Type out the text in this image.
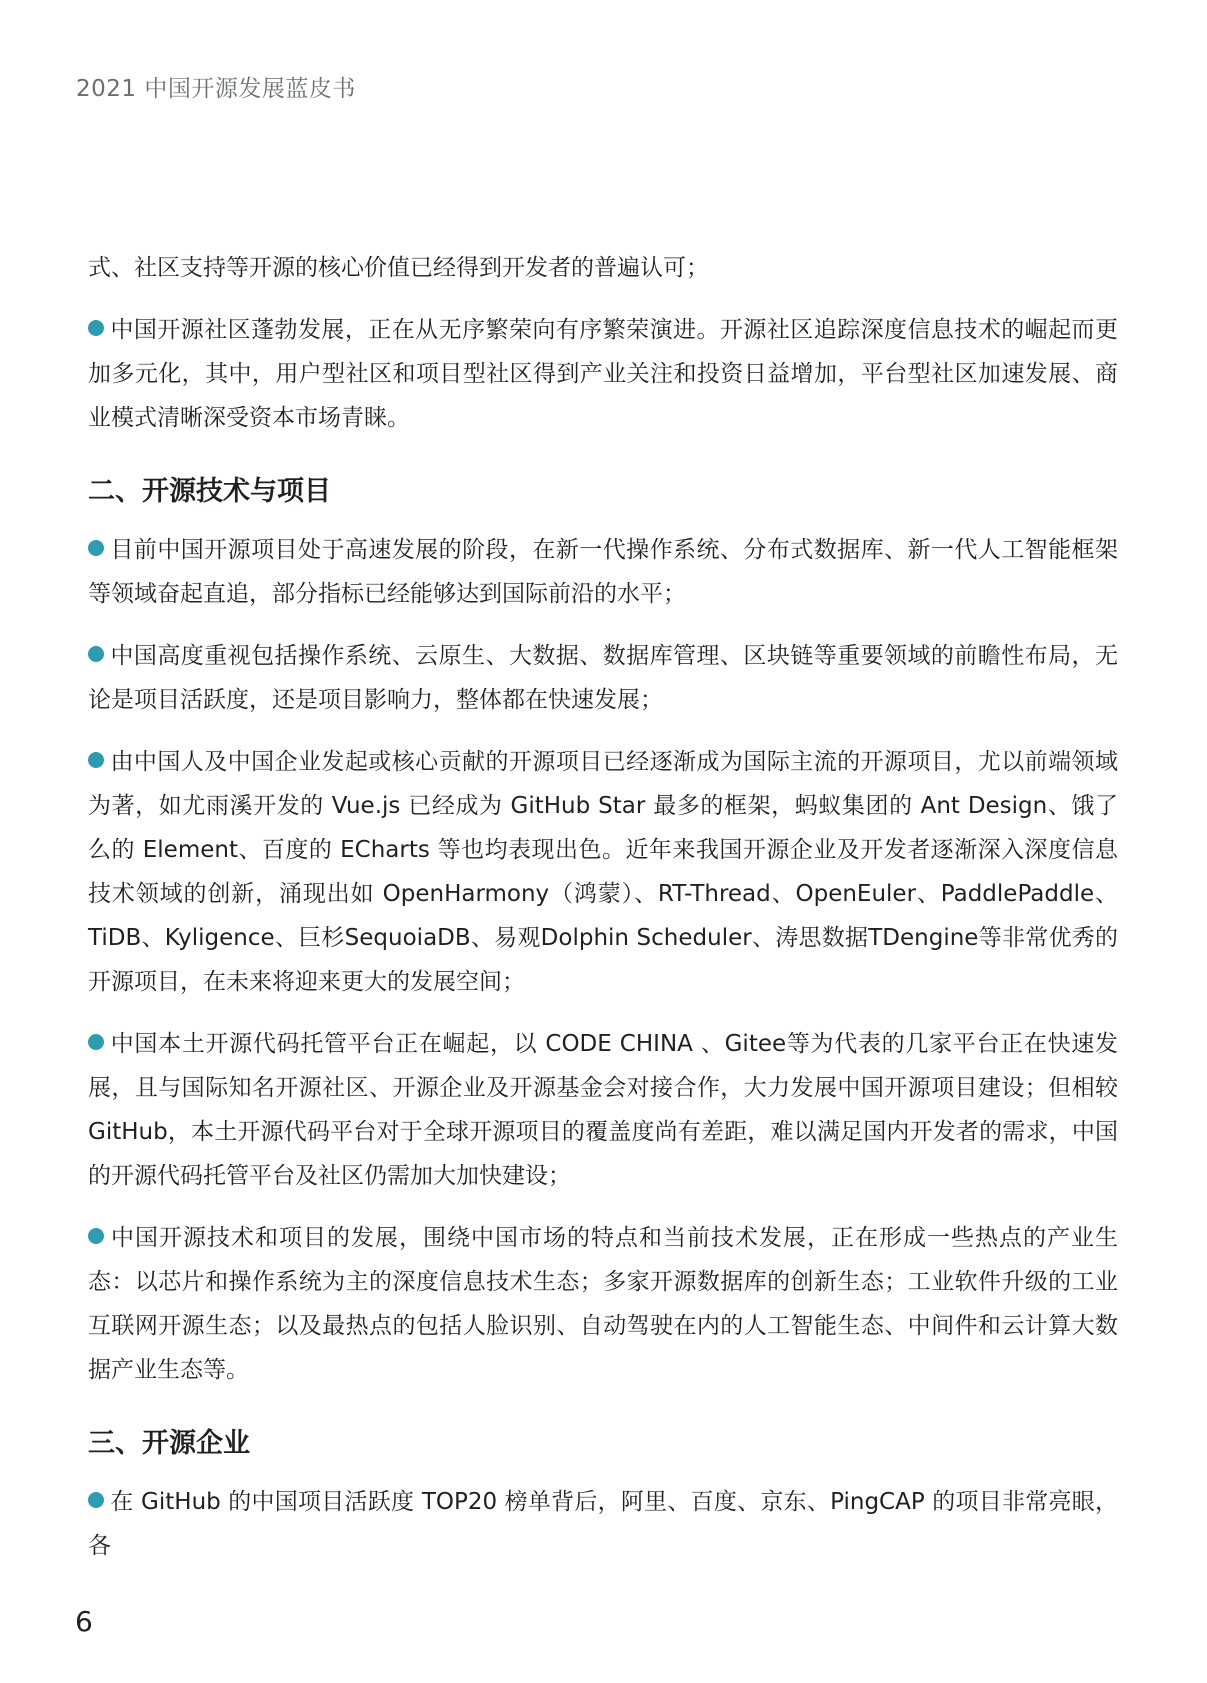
2021 中国开源发展蓝皮书

式、社区支持等开源的核心价值已经得到开发者的普遍认可；

中国开源社区蓬勃发展，正在从无序繁荣向有序繁荣演进。开源社区追踪深度信息技术的崛起而更加多元化，其中，用户型社区和项目型社区得到产业关注和投资日益增加，平台型社区加速发展、商业模式清晰深受资本市场青睐。

二、开源技术与项目

目前中国开源项目处于高速发展的阶段，在新一代操作系统、分布式数据库、新一代人工智能框架等领域奋起直追，部分指标已经能够达到国际前沿的水平；

中国高度重视包括操作系统、云原生、大数据、数据库管理、区块链等重要领域的前瞻性布局，无论是项目活跃度，还是项目影响力，整体都在快速发展；

由中国人及中国企业发起或核心贡献的开源项目已经逐渐成为国际主流的开源项目，尤以前端领域为著，如尤雨溪开发的 Vue.js 已经成为 GitHub Star 最多的框架，蚂蚁集团的 Ant Design、饿了么的 Element、百度的 ECharts 等也均表现出色。近年来我国开源企业及开发者逐渐深入深度信息技术领域的创新，涌现出如 OpenHarmony（鸿蒙）、RT-Thread、OpenEuler、PaddlePaddle、TiDB、Kyligence、巨杉SequoiaDB、易观Dolphin Scheduler、涛思数据TDengine等非常优秀的开源项目，在未来将迎来更大的发展空间；

中国本土开源代码托管平台正在崛起，以 CODE CHINA 、Gitee等为代表的几家平台正在快速发展，且与国际知名开源社区、开源企业及开源基金会对接合作，大力发展中国开源项目建设；但相较GitHub，本土开源代码平台对于全球开源项目的覆盖度尚有差距，难以满足国内开发者的需求，中国的开源代码托管平台及社区仍需加大加快建设；

中国开源技术和项目的发展，围绕中国市场的特点和当前技术发展，正在形成一些热点的产业生态：以芯片和操作系统为主的深度信息技术生态；多家开源数据库的创新生态；工业软件升级的工业互联网开源生态；以及最热点的包括人脸识别、自动驾驶在内的人工智能生态、中间件和云计算大数据产业生态等。

三、开源企业

在 GitHub 的中国项目活跃度 TOP20 榜单背后，阿里、百度、京东、PingCAP 的项目非常亮眼，各

6
